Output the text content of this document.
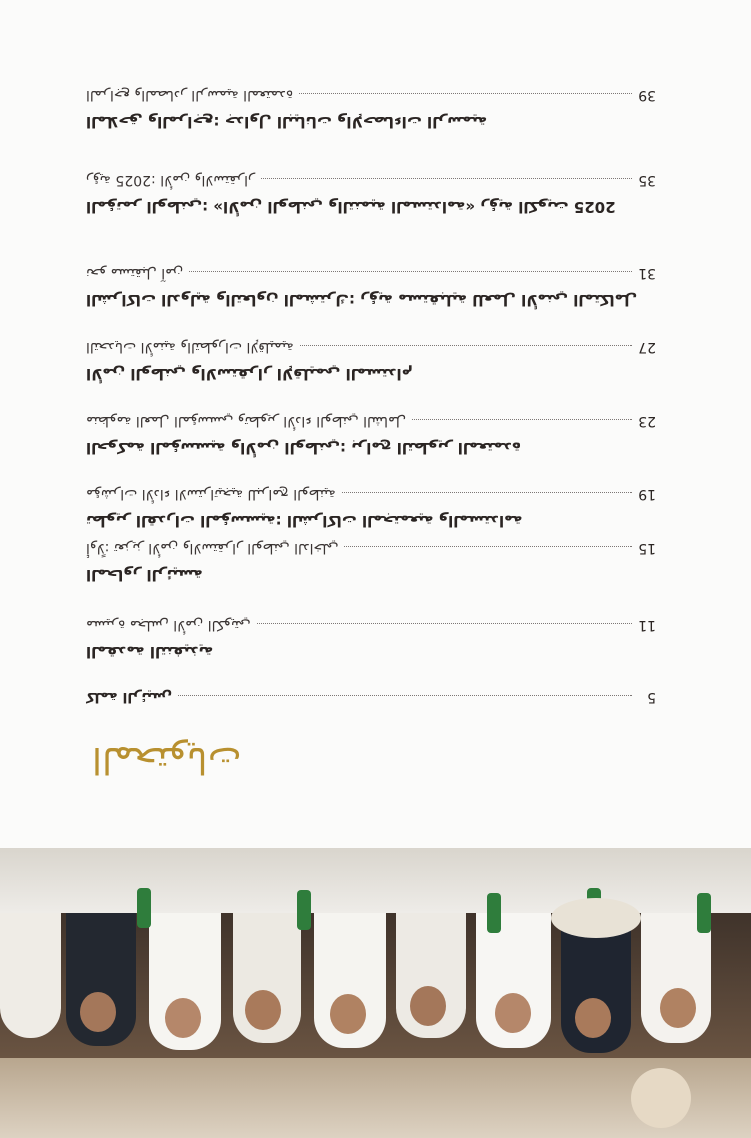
المحتويات
كلمة الرئيس	5
المقدمة التنفيذية
مسيرة مجلس الأمن الكويتي	11
المحاور الرئيسة
أولاً: تعزيز الأمن والاستقرار الوطني الداخلي	15
تطوير القدرات المؤسسية: الشراكات المجتمعية والمستدامة
مؤشرات الأداء الاستراتيجية للبرامج الوطنية	19
الحوكمة المؤسسية والأمن الوطني: برامج التطوير المعتمدة
منظومة العمل المؤسسي وتطوير الأداء الوطني الشامل	23
الأمن الوطني والاستقرار الإقليمي المستدام
التحديات الأمنية والتطورات الإقليمية	27
الشراكات الدولية والتعاون المشترك: رؤية مستقبلية للعمل الأمني المتكامل
نحو مستقبل آمن	31
المؤتمر الوطني: «الأمن الوطني والتنمية المستدامة» رؤية الكويت 2025
رؤية 2025: الأمن والاستقرار	35
الملاحق والمراجع: جداول البيانات والإحصاءات الرسمية
المراجع والمصادر الرسمية المعتمدة	39
